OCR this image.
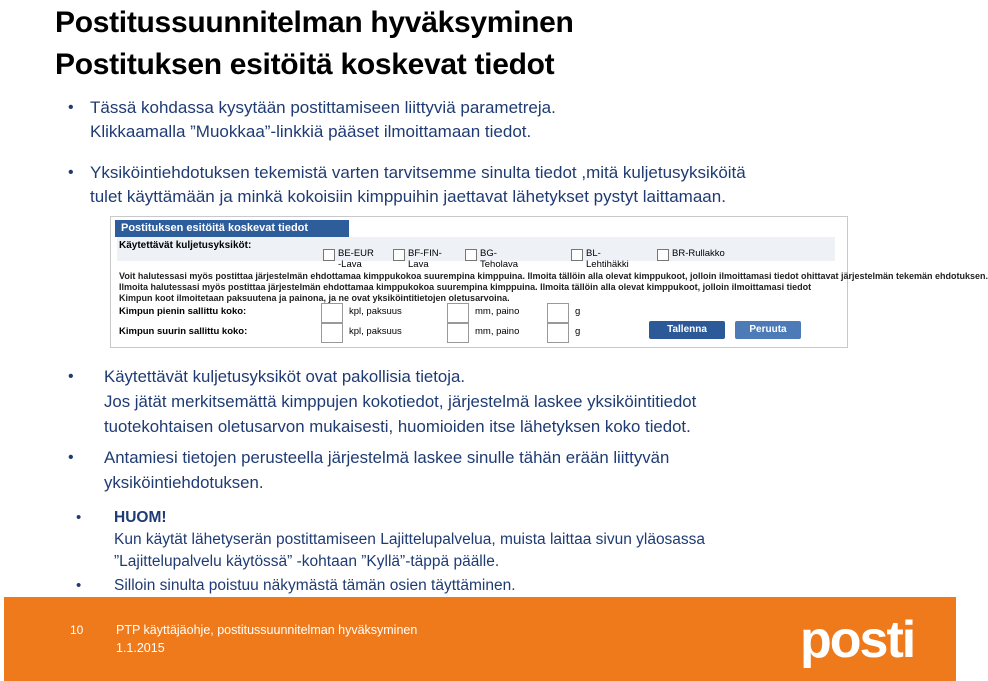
Postitussuunnitelman hyväksyminen
Postituksen esitöitä koskevat tiedot
• Tässä kohdassa kysytään postittamiseen liittyviä parametreja.
Klikkaamalla ”Muokkaa”-linkkiä pääset ilmoittamaan tiedot.
• Yksiköintiehdotuksen tekemistä varten tarvitsemme sinulta tiedot ,mitä kuljetusyksiköitä
tulet käyttämään ja minkä kokoisiin kimppuihin jaettavat lähetykset pystyt laittamaan.
Postituksen esitöitä koskevat tiedot
Käytettävät kuljetusyksiköt:
BE-EUR
-Lava
BF-FIN-
Lava
BG-
Teholava
BL-
Lehtihäkki
BR-Rullakko
Voit halutessasi myös postittaa järjestelmän ehdottamaa kimppukokoa suurempina kimppuina. Ilmoita tällöin alla olevat kimppukoot, jolloin ilmoittamasi tiedot ohittavat järjestelmän tekemän ehdotuksen.
Ilmoita halutessasi myös postittaa järjestelmän ehdottamaa kimppukokoa suurempina kimppuina. Ilmoita tällöin alla olevat kimppukoot, jolloin ilmoittamasi tiedot
Kimpun koot ilmoitetaan paksuutena ja painona, ja ne ovat yksiköintitietojen oletusarvoina.
Kimpun pienin sallittu koko:	kpl, paksuus	mm, paino	g
Kimpun suurin sallittu koko:	kpl, paksuus	mm, paino	g	Tallenna	Peruuta
• Käytettävät kuljetusyksiköt ovat pakollisia tietoja.
Jos jätät merkitsemättä kimppujen kokotiedot, järjestelmä laskee yksiköintitiedot
tuotekohtaisen oletusarvon mukaisesti, huomioiden itse lähetyksen koko tiedot.
• Antamiesi tietojen perusteella järjestelmä laskee sinulle tähän erään liittyvän
yksiköintiehdotuksen.
• HUOM!
Kun käytät lähetyserän postittamiseen Lajittelupalvelua, muista laittaa sivun yläosassa
”Lajittelupalvelu käytössä” -kohtaan ”Kyllä”-täppä päälle.
• Silloin sinulta poistuu näkymästä tämän osien täyttäminen.
10	PTP käyttäjäohje, postitussuunnitelman hyväksyminen
1.1.2015	posti
